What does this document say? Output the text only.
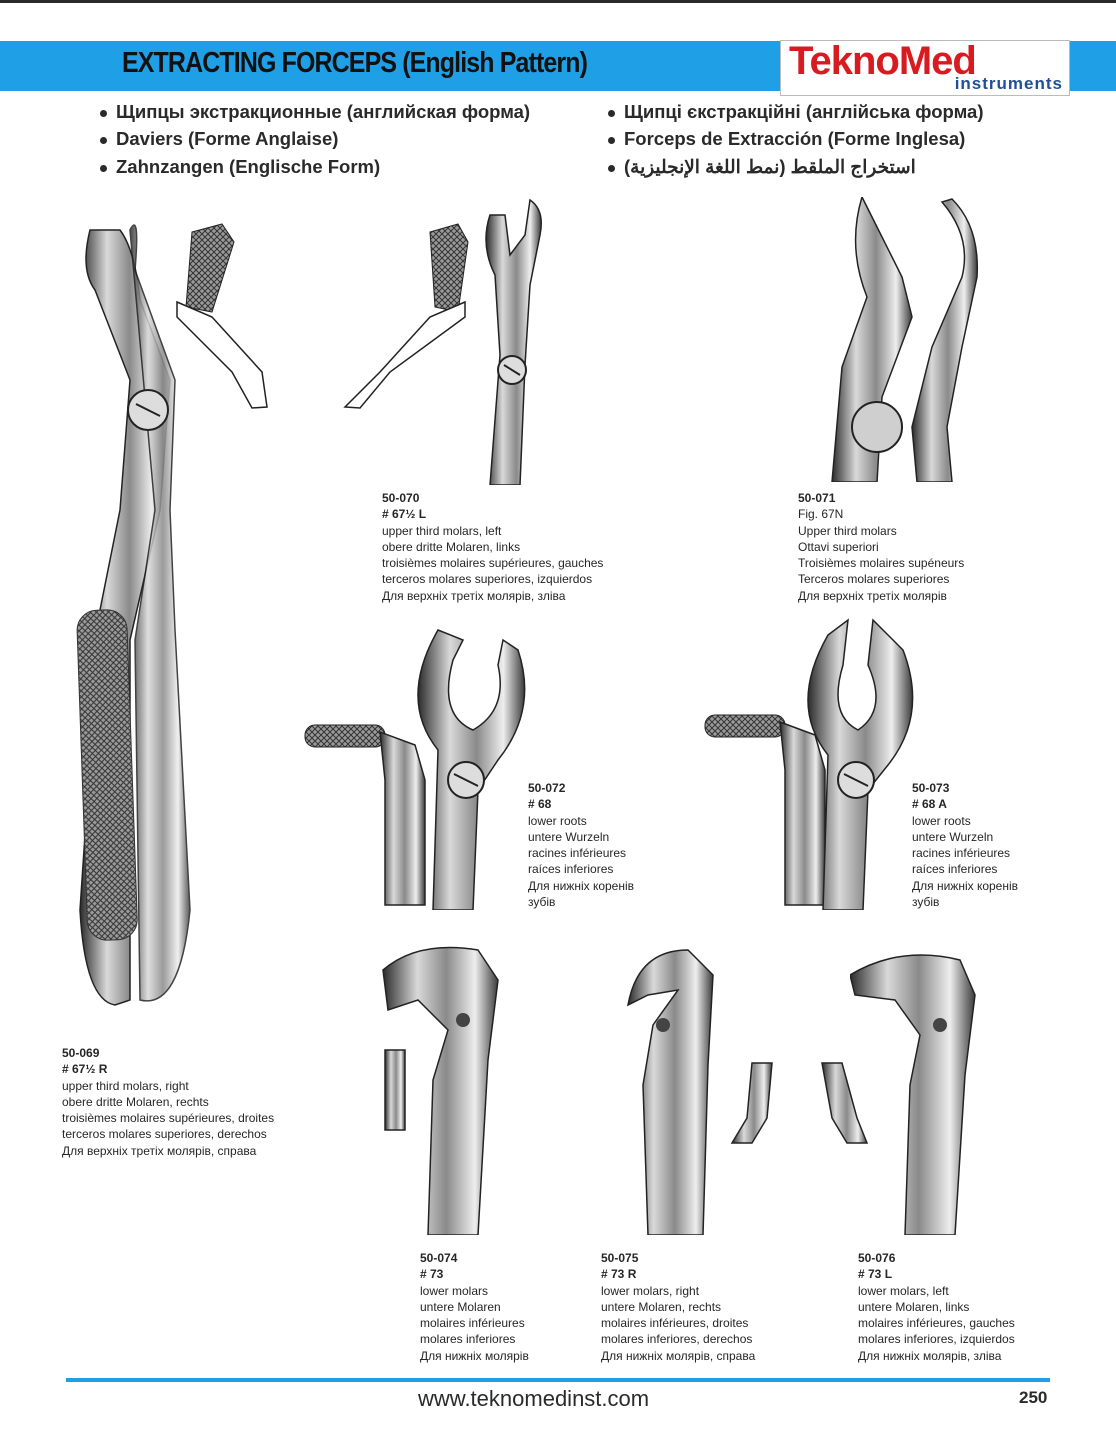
EXTRACTING FORCEPS (English Pattern)	TeknoMed
instruments
Щипцы экстракционные (английская форма)
Daviers (Forme Anglaise)
Zahnzangen (Englische Form)
Щипці єкстракційні (англійська форма)
Forceps de Extracción (Forme Inglesa)
استخراج الملقط (نمط اللغة الإنجليزية)
50-069
# 67½ R
upper third molars, right
obere dritte Molaren, rechts
troisièmes molaires supérieures, droites
terceros molares superiores, derechos
Для верхніх третіх молярів, справа
50-070
# 67½ L
upper third molars, left
obere dritte Molaren, links
troisièmes molaires supérieures, gauches
terceros molares superiores, izquierdos
Для верхніх третіх молярів, зліва
50-071
Fig. 67N
Upper third molars
Ottavi superiori
Troisièmes molaires supéneurs
Terceros molares superiores
Для верхніх третіх молярів
50-072
# 68
lower roots
untere Wurzeln
racines inférieures
raíces inferiores
Для нижніх коренів
зубів
50-073
# 68 A
lower roots
untere Wurzeln
racines inférieures
raíces inferiores
Для нижніх коренів
зубів
50-074
# 73
lower molars
untere Molaren
molaires inférieures
molares inferiores
Для нижніх молярів
50-075
# 73 R
lower molars, right
untere Molaren, rechts
molaires inférieures, droites
molares inferiores, derechos
Для нижніх молярів, справа
50-076
# 73 L
lower molars, left
untere Molaren, links
molaires inférieures, gauches
molares inferiores, izquierdos
Для нижніх молярів, зліва
www.teknomedinst.com	250
